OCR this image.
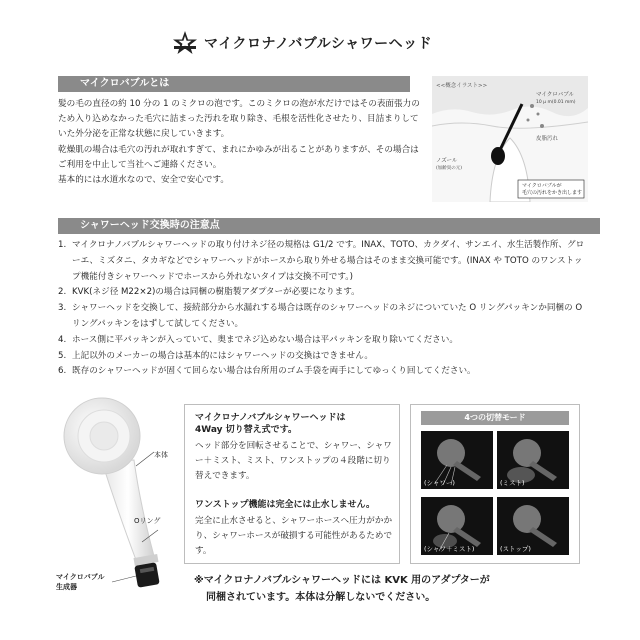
マイクロナノバブルシャワーヘッド
マイクロバブルとは

髪の毛の直径の約 10 分の 1 のミクロの泡です。このミクロの泡が水だけではその表面張力のため入り込めなかった毛穴に詰まった汚れを取り除き、毛根を活性化させたり、目詰まりしていた外分泌を正常な状態に戻していきます。

乾燥肌の場合は毛穴の汚れが取れすぎて、まれにかゆみが出ることがありますが、その場合はご利用を中止して当社へご連絡ください。

基本的には水道水なので、安全で安心です。

<<概念イラスト>>
マイクロバブル
10 μ m(0.01 mm)
皮脂汚れ
ノズール
(加齢臭の元)
マイクロバブルが
毛穴の汚れをかき出します
シャワーヘッド交換時の注意点
1. マイクロナノバブルシャワーヘッドの取り付けネジ径の規格は G1/2 です。INAX、TOTO、カクダイ、サンエイ、水生活製作所、グローエ、ミズタニ、タカギなどでシャワーヘッドがホースから取り外せる場合はそのまま交換可能です。(INAX や TOTO のワンストップ機能付きシャワーヘッドでホースから外れないタイプは交換不可です。)
2. KVK(ネジ径 M22×2)の場合は同梱の樹脂製アダプターが必要になります。
3. シャワーヘッドを交換して、接続部分から水漏れする場合は既存のシャワーヘッドのネジについていた O リングパッキンか同梱の O リングパッキンをはずして試してください。
4. ホース側に平パッキンが入っていて、奥までネジ込めない場合は平パッキンを取り除いてください。
5. 上記以外のメーカーの場合は基本的にはシャワーヘッドの交換はできません。
6. 既存のシャワーヘッドが固くて回らない場合は台所用のゴム手袋を両手にしてゆっくり回してください。
本体
Oリング
マイクロバブル
生成器
マイクロナノバブルシャワーヘッドは
4Way 切り替え式です。
ヘッド部分を回転させることで、シャワー、シャワー＋ミスト、ミスト、ワンストップの４段階に切り替えできます。
ワンストップ機能は完全には止水しません。
完全に止水させると、シャワーホースへ圧力がかかり、シャワーホースが破損する可能性があるためです。
4つの切替モード
(シャワー)	(ミスト)
(シャワ＋ミスト)	(ストップ)

※マイクロナノバブルシャワーヘッドには KVK 用のアダプターが

同梱されています。本体は分解しないでください。
